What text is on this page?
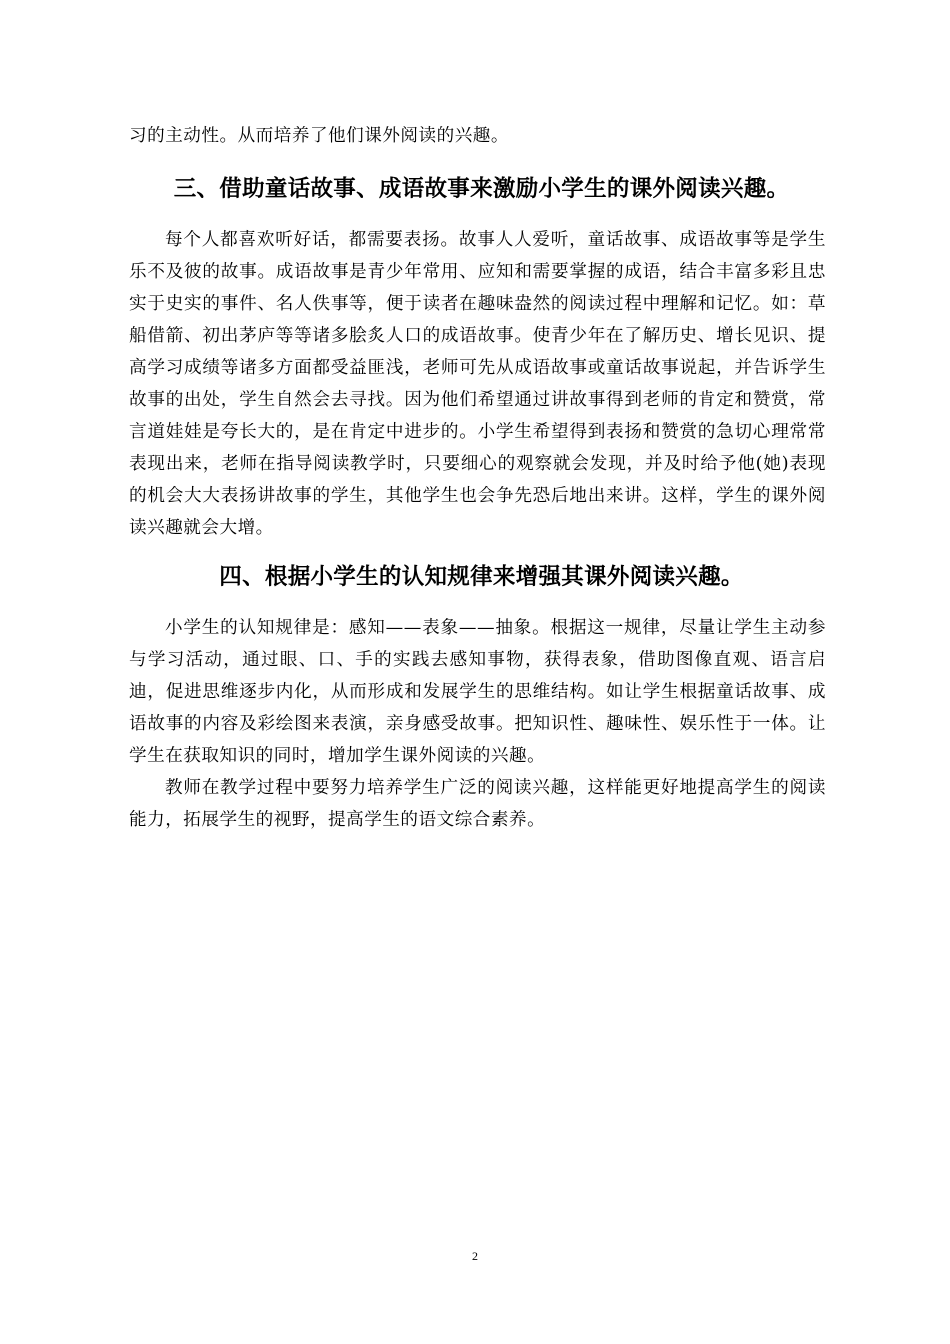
习的主动性。从而培养了他们课外阅读的兴趣。

三、借助童话故事、成语故事来激励小学生的课外阅读兴趣。

每个人都喜欢听好话，都需要表扬。故事人人爱听，童话故事、成语故事等是学生乐不及彼的故事。成语故事是青少年常用、应知和需要掌握的成语，结合丰富多彩且忠实于史实的事件、名人佚事等，便于读者在趣味盎然的阅读过程中理解和记忆。如：草船借箭、初出茅庐等等诸多脍炙人口的成语故事。使青少年在了解历史、增长见识、提高学习成绩等诸多方面都受益匪浅，老师可先从成语故事或童话故事说起，并告诉学生故事的出处，学生自然会去寻找。因为他们希望通过讲故事得到老师的肯定和赞赏，常言道娃娃是夸长大的，是在肯定中进步的。小学生希望得到表扬和赞赏的急切心理常常表现出来，老师在指导阅读教学时，只要细心的观察就会发现，并及时给予他(她)表现的机会大大表扬讲故事的学生，其他学生也会争先恐后地出来讲。这样，学生的课外阅读兴趣就会大增。

四、根据小学生的认知规律来增强其课外阅读兴趣。

小学生的认知规律是：感知——表象——抽象。根据这一规律，尽量让学生主动参与学习活动，通过眼、口、手的实践去感知事物，获得表象，借助图像直观、语言启迪，促进思维逐步内化，从而形成和发展学生的思维结构。如让学生根据童话故事、成语故事的内容及彩绘图来表演，亲身感受故事。把知识性、趣味性、娱乐性于一体。让学生在获取知识的同时，增加学生课外阅读的兴趣。

教师在教学过程中要努力培养学生广泛的阅读兴趣，这样能更好地提高学生的阅读能力，拓展学生的视野，提高学生的语文综合素养。

2
